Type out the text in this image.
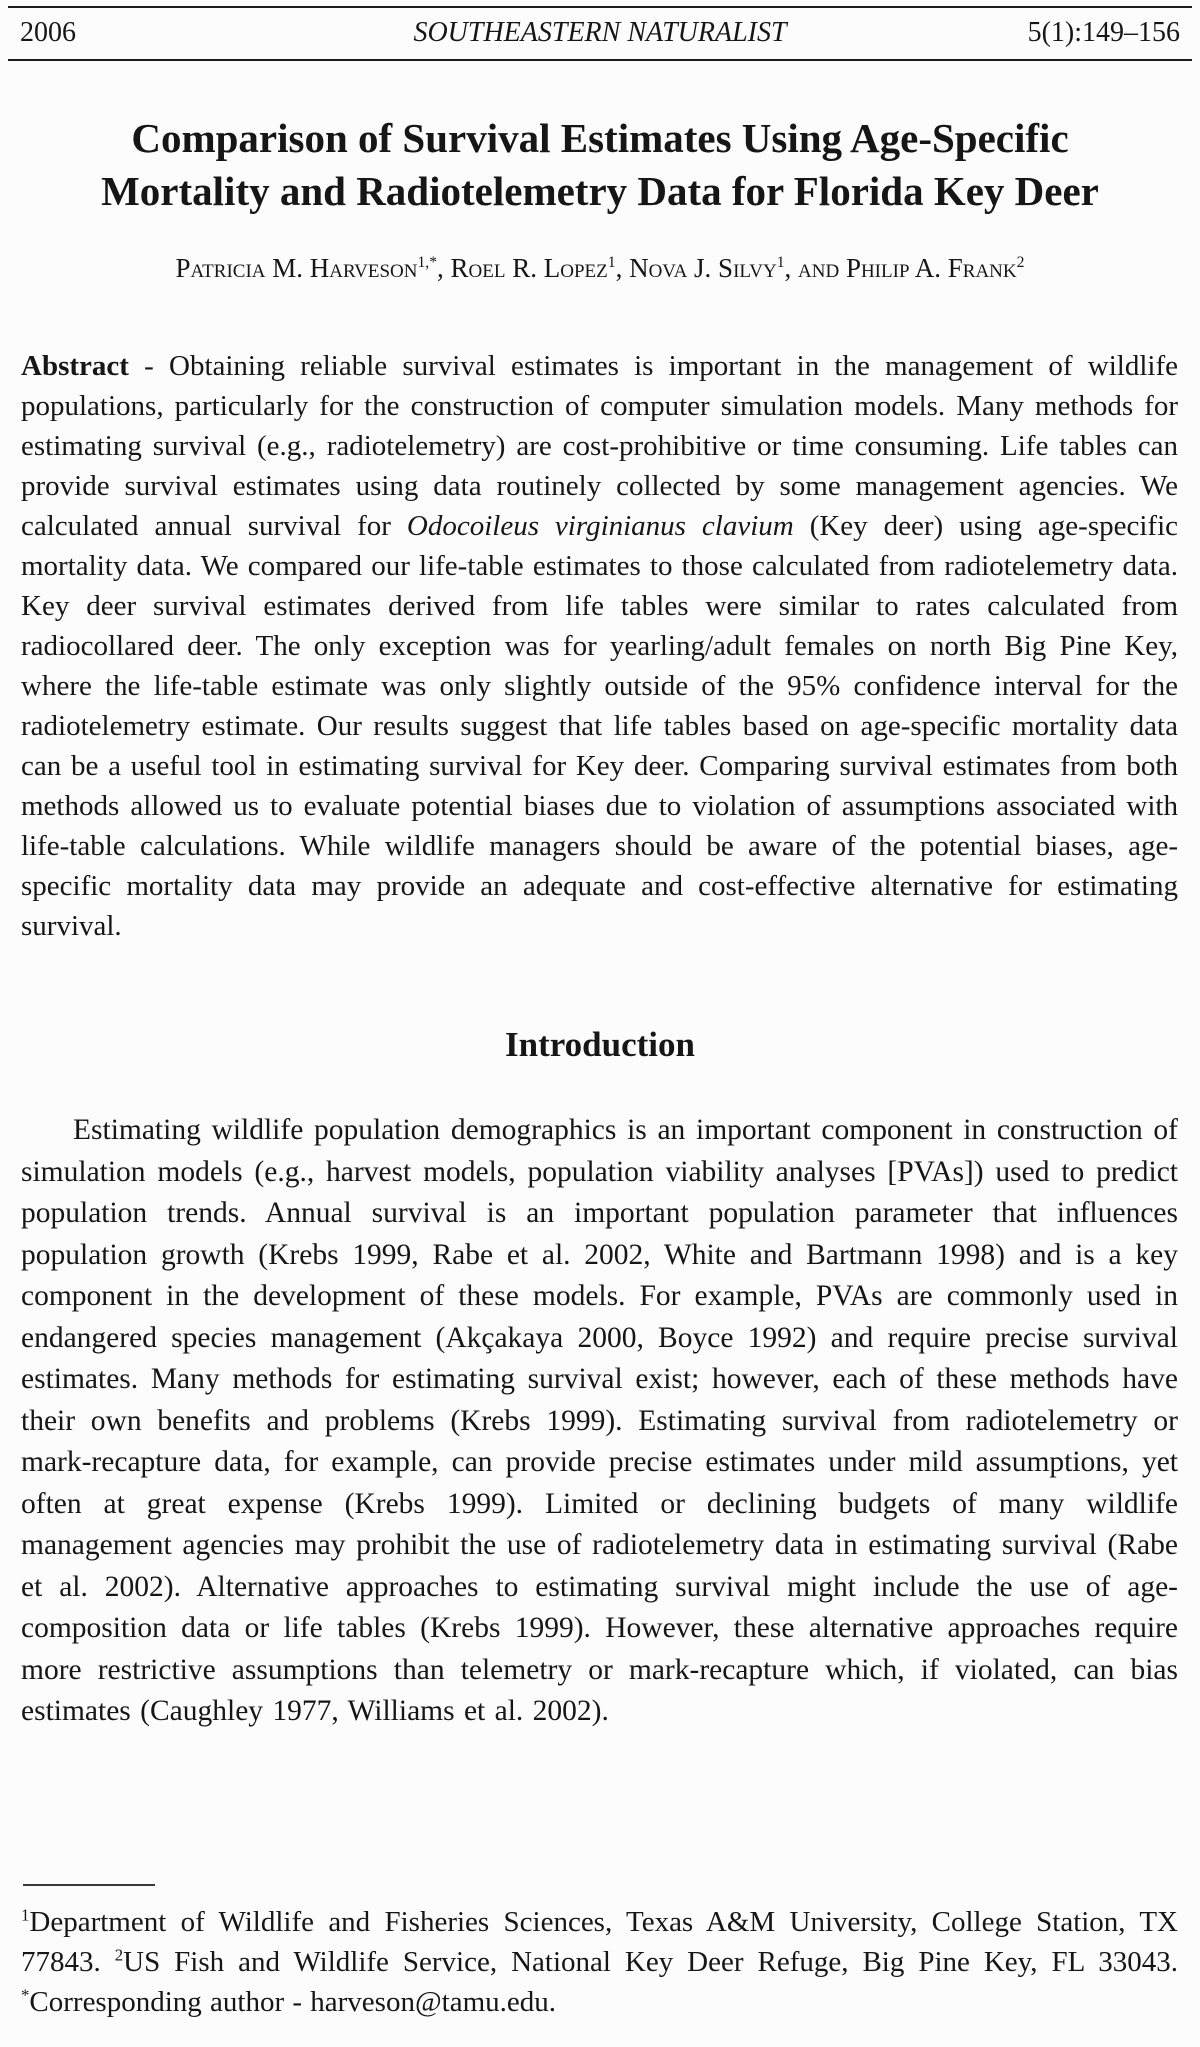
2006	SOUTHEASTERN NATURALIST	5(1):149–156
Comparison of Survival Estimates Using Age-Specific
Mortality and Radiotelemetry Data for Florida Key Deer
Patricia M. Harveson$^{1,*}$, Roel R. Lopez$^1$, Nova J. Silvy$^1$, and Philip A. Frank$^2$
Abstract - Obtaining reliable survival estimates is important in the management of wildlife populations, particularly for the construction of computer simulation models. Many methods for estimating survival (e.g., radiotelemetry) are cost-prohibitive or time consuming. Life tables can provide survival estimates using data routinely collected by some management agencies. We calculated annual survival for Odocoileus virginianus clavium (Key deer) using age-specific mortality data. We compared our life-table estimates to those calculated from radiotelemetry data. Key deer survival estimates derived from life tables were similar to rates calculated from radiocollared deer. The only exception was for yearling/adult females on north Big Pine Key, where the life-table estimate was only slightly outside of the 95% confidence interval for the radiotelemetry estimate. Our results suggest that life tables based on age-specific mortality data can be a useful tool in estimating survival for Key deer. Comparing survival estimates from both methods allowed us to evaluate potential biases due to violation of assumptions associated with life-table calculations. While wildlife managers should be aware of the potential biases, age-specific mortality data may provide an adequate and cost-effective alternative for estimating survival.
Introduction
Estimating wildlife population demographics is an important component in construction of simulation models (e.g., harvest models, population viability analyses [PVAs]) used to predict population trends. Annual survival is an important population parameter that influences population growth (Krebs 1999, Rabe et al. 2002, White and Bartmann 1998) and is a key component in the development of these models. For example, PVAs are commonly used in endangered species management (Akçakaya 2000, Boyce 1992) and require precise survival estimates. Many methods for estimating survival exist; however, each of these methods have their own benefits and problems (Krebs 1999). Estimating survival from radiotelemetry or mark-recapture data, for example, can provide precise estimates under mild assumptions, yet often at great expense (Krebs 1999). Limited or declining budgets of many wildlife management agencies may prohibit the use of radiotelemetry data in estimating survival (Rabe et al. 2002). Alternative approaches to estimating survival might include the use of age-composition data or life tables (Krebs 1999). However, these alternative approaches require more restrictive assumptions than telemetry or mark-recapture which, if violated, can bias estimates (Caughley 1977, Williams et al. 2002).
$^1$Department of Wildlife and Fisheries Sciences, Texas A&M University, College Station, TX 77843. $^2$US Fish and Wildlife Service, National Key Deer Refuge, Big Pine Key, FL 33043. *Corresponding author - harveson@tamu.edu.
